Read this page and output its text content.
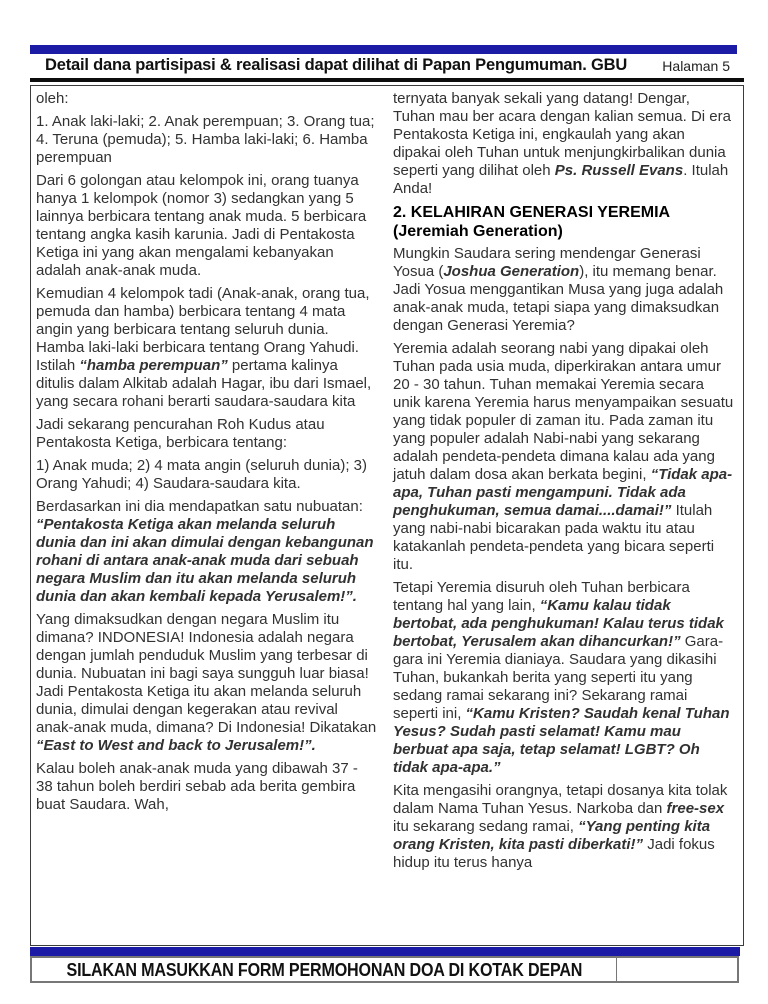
Detail dana partisipasi & realisasi dapat dilihat di Papan Pengumuman. GBU	Halaman 5

oleh:

1. Anak laki-laki; 2. Anak perempuan; 3. Orang tua; 4. Teruna (pemuda); 5. Hamba laki-laki; 6. Hamba perempuan

Dari 6 golongan atau kelompok ini, orang tuanya hanya 1 kelompok (nomor 3) sedangkan yang 5 lainnya berbicara tentang anak muda. 5 berbicara tentang angka kasih karunia. Jadi di Pentakosta Ketiga ini yang akan mengalami kebanyakan adalah anak-anak muda.

Kemudian 4 kelompok tadi (Anak-anak, orang tua, pemuda dan hamba) berbicara tentang 4 mata angin yang berbicara tentang seluruh dunia. Hamba laki-laki berbicara tentang Orang Yahudi. Istilah “hamba perempuan” pertama kalinya ditulis dalam Alkitab adalah Hagar, ibu dari Ismael, yang secara rohani berarti saudara-saudara kita

Jadi sekarang pencurahan Roh Kudus atau Pentakosta Ketiga, berbicara tentang:

1) Anak muda; 2) 4 mata angin (seluruh dunia); 3) Orang Yahudi; 4) Saudara-saudara kita.

Berdasarkan ini dia mendapatkan satu nubuatan: “Pentakosta Ketiga akan melanda seluruh dunia dan ini akan dimulai dengan kebangunan rohani di antara anak-anak muda dari sebuah negara Muslim dan itu akan melanda seluruh dunia dan akan kembali kepada Yerusalem!”.

Yang dimaksudkan dengan negara Muslim itu dimana? INDONESIA! Indonesia adalah negara dengan jumlah penduduk Muslim yang terbesar di dunia. Nubuatan ini bagi saya sungguh luar biasa! Jadi Pentakosta Ketiga itu akan melanda seluruh dunia, dimulai dengan kegerakan atau revival anak-anak muda, dimana? Di Indonesia! Dikatakan “East to West and back to Jerusalem!”.

Kalau boleh anak-anak muda yang dibawah 37 - 38 tahun boleh berdiri sebab ada berita gembira buat Saudara. Wah,

ternyata banyak sekali yang datang! Dengar, Tuhan mau ber acara dengan kalian semua. Di era Pentakosta Ketiga ini, engkaulah yang akan dipakai oleh Tuhan untuk menjungkirbalikan dunia seperti yang dilihat oleh Ps. Russell Evans. Itulah Anda!

2. KELAHIRAN GENERASI YEREMIA (Jeremiah Generation)

Mungkin Saudara sering mendengar Generasi Yosua (Joshua Generation), itu memang benar. Jadi Yosua menggantikan Musa yang juga adalah anak-anak muda, tetapi siapa yang dimaksudkan dengan Generasi Yeremia?

Yeremia adalah seorang nabi yang dipakai oleh Tuhan pada usia muda, diperkirakan antara umur 20 - 30 tahun. Tuhan memakai Yeremia secara unik karena Yeremia harus menyampaikan sesuatu yang tidak populer di zaman itu. Pada zaman itu yang populer adalah Nabi-nabi yang sekarang adalah pendeta-pendeta dimana kalau ada yang jatuh dalam dosa akan berkata begini, “Tidak apa-apa, Tuhan pasti mengampuni. Tidak ada penghukuman, semua damai....damai!” Itulah yang nabi-nabi bicarakan pada waktu itu atau katakanlah pendeta-pendeta yang bicara seperti itu.

Tetapi Yeremia disuruh oleh Tuhan berbicara tentang hal yang lain, “Kamu kalau tidak bertobat, ada penghukuman! Kalau terus tidak bertobat, Yerusalem akan dihancurkan!” Gara-gara ini Yeremia dianiaya. Saudara yang dikasihi Tuhan, bukankah berita yang seperti itu yang sedang ramai sekarang ini? Sekarang ramai seperti ini, “Kamu Kristen? Saudah kenal Tuhan Yesus? Sudah pasti selamat! Kamu mau berbuat apa saja, tetap selamat! LGBT? Oh tidak apa-apa.”

Kita mengasihi orangnya, tetapi dosanya kita tolak dalam Nama Tuhan Yesus. Narkoba dan free-sex itu sekarang sedang ramai, “Yang penting kita orang Kristen, kita pasti diberkati!” Jadi fokus hidup itu terus hanya

SILAKAN MASUKKAN FORM PERMOHONAN DOA DI KOTAK DEPAN
